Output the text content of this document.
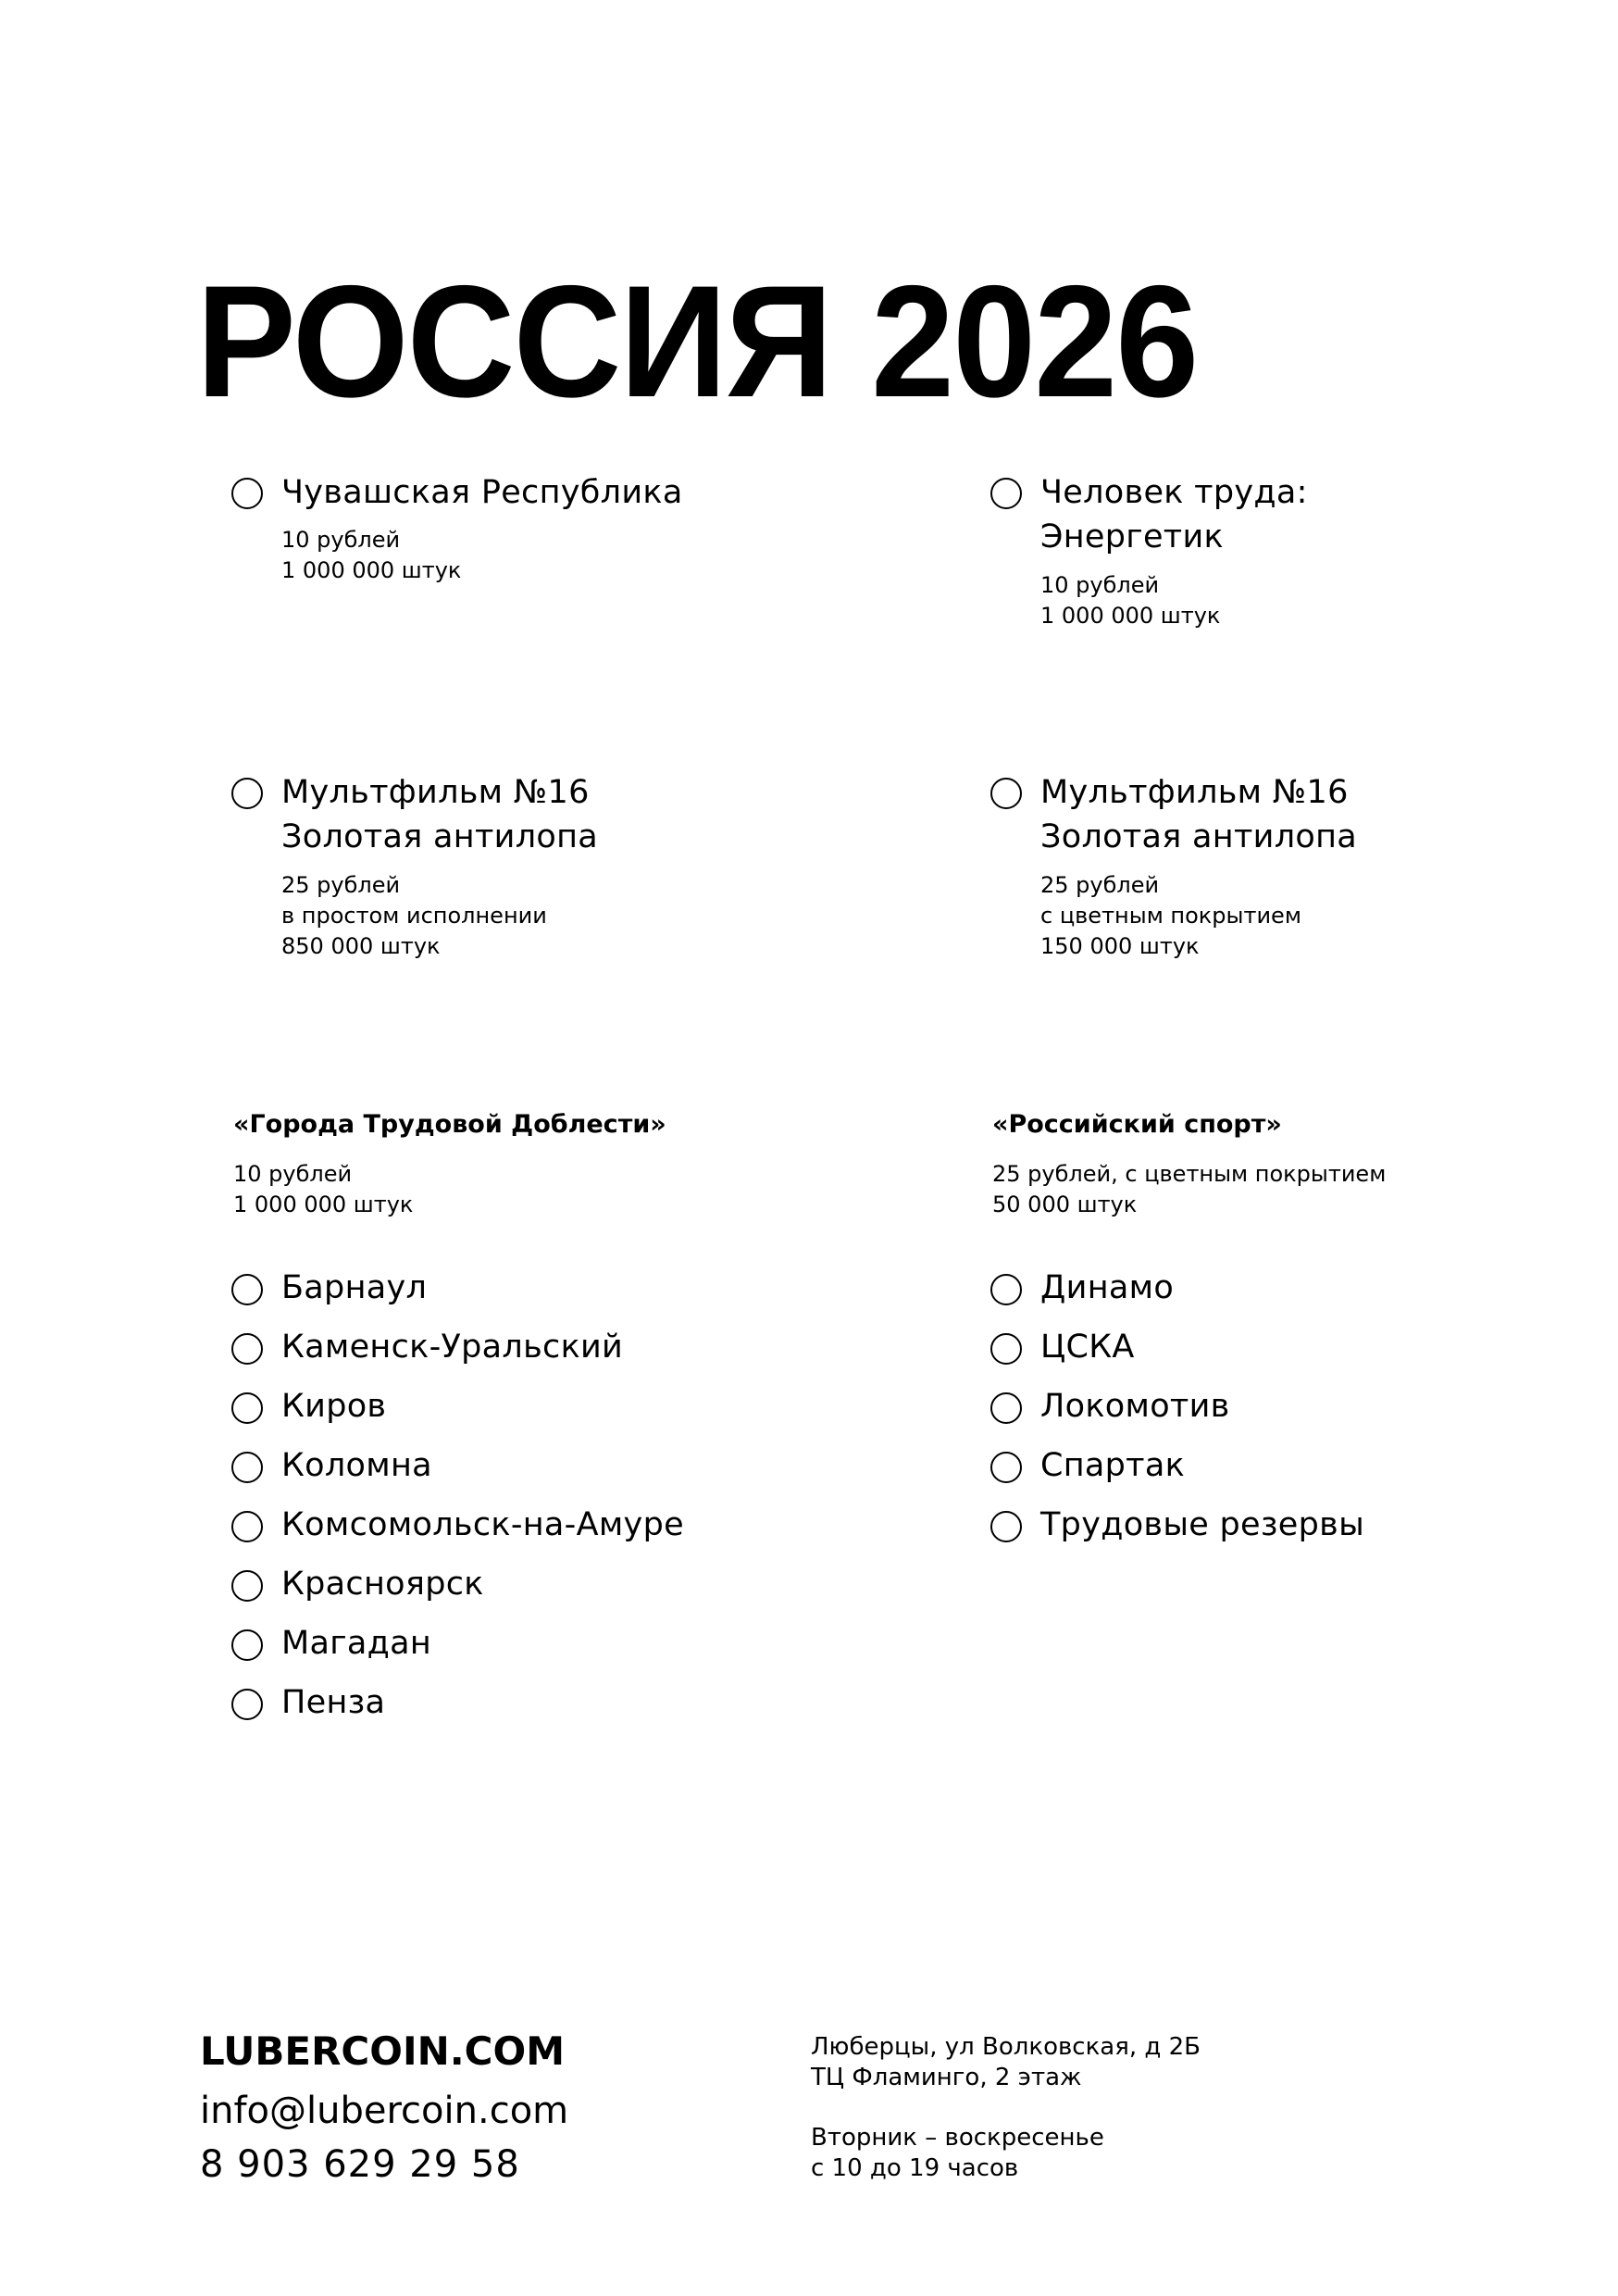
РОССИЯ 2026
Чувашская Республика
10 рублей
1 000 000 штук
Человек труда:
Энергетик
10 рублей
1 000 000 штук
Мультфильм №16
Золотая антилопа
25 рублей
в простом исполнении
850 000 штук
Мультфильм №16
Золотая антилопа
25 рублей
с цветным покрытием
150 000 штук
«Города Трудовой Доблести»
10 рублей
1 000 000 штук
Барнаул
Каменск-Уральский
Киров
Коломна
Комсомольск-на-Амуре
Красноярск
Магадан
Пенза
«Российский спорт»
25 рублей, с цветным покрытием
50 000 штук
Динамо
ЦСКА
Локомотив
Спартак
Трудовые резервы
LUBERCOIN.COM
info@lubercoin.com
8 903 629 29 58
Люберцы, ул Волковская, д 2Б
ТЦ Фламинго, 2 этаж
Вторник – воскресенье
с 10 до 19 часов
